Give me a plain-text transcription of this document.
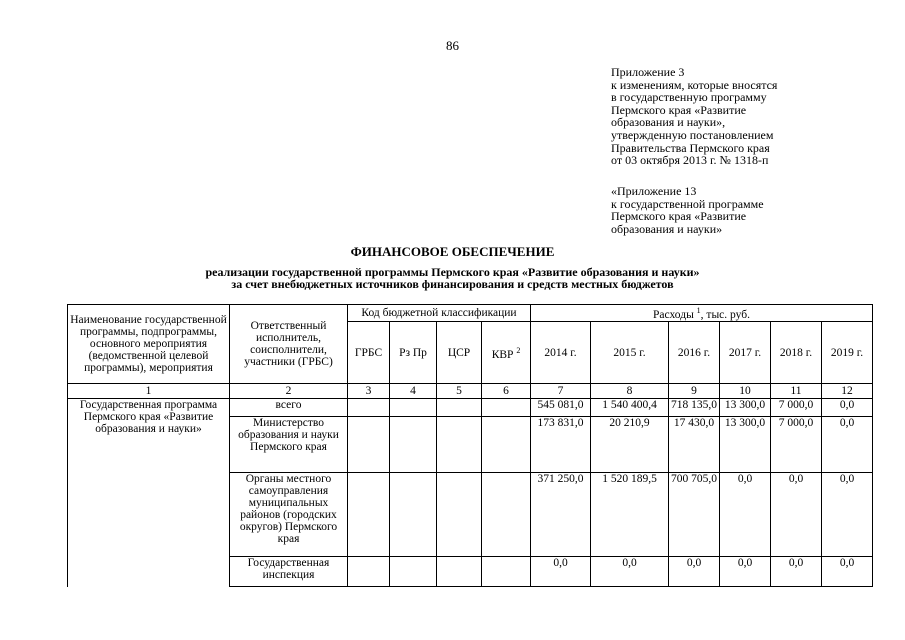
86
Приложение 3
к изменениям, которые вносятся
в государственную программу
Пермского края «Развитие
образования и науки»,
утвержденную постановлением
Правительства Пермского края
от 03 октября 2013 г. № 1318-п
«Приложение 13
к государственной программе
Пермского края «Развитие
образования и науки»
ФИНАНСОВОЕ ОБЕСПЕЧЕНИЕ
реализации государственной программы Пермского края «Развитие образования и науки»
за счет внебюджетных источников финансирования и средств местных бюджетов
Наименование государственной программы, подпрограммы, основного мероприятия (ведомственной целевой программы), мероприятия	Ответственный исполнитель, соисполнители, участники (ГРБС)	Код бюджетной классификации				Расходы $^1$, тыс. руб.					
		ГРБС	Рз Пр	ЦСР	КВР $^2$	2014 г.	2015 г.	2016 г.	2017 г.	2018 г.	2019 г.
1	2	3	4	5	6	7	8	9	10	11	12
Государственная программа Пермского края «Развитие образования и науки»	всего					545 081,0	1 540 400,4	718 135,0	13 300,0	7 000,0	0,0
	Министерство образования и науки Пермского края					173 831,0	20 210,9	17 430,0	13 300,0	7 000,0	0,0
	Органы местного самоуправления муниципальных районов (городских округов) Пермского края					371 250,0	1 520 189,5	700 705,0	0,0	0,0	0,0
	Государственная инспекция					0,0	0,0	0,0	0,0	0,0	0,0
